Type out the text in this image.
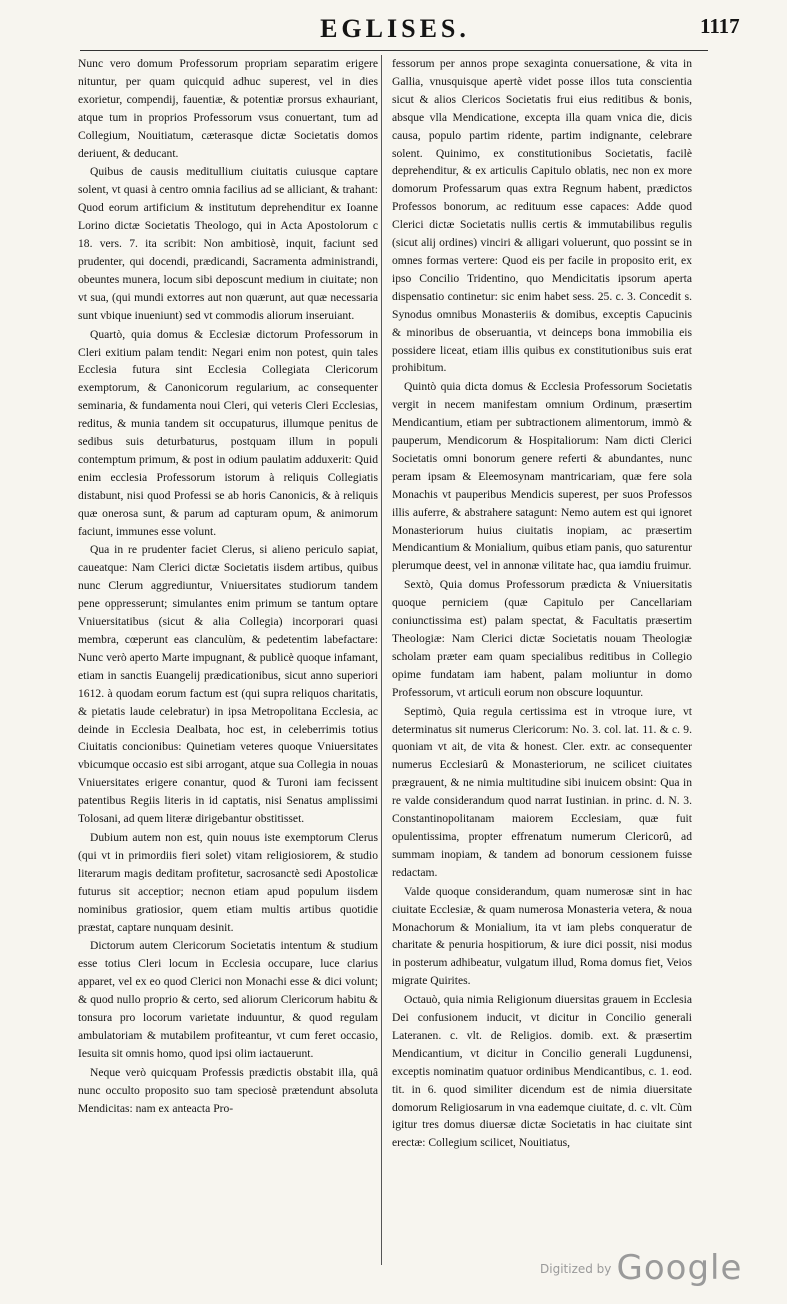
EGLISES.	1117

Nunc vero domum Professorum propriam separatim erigere nituntur, per quam quicquid adhuc superest, vel in dies exorietur, compendij, fauentiæ, & potentiæ prorsus exhauriant, atque tum in proprios Professorum vsus conuertant, tum ad Collegium, Nouitiatum, cæterasque dictæ Societatis domos deriuent, & deducant.

Quibus de causis meditullium ciuitatis cuiusque captare solent, vt quasi à centro omnia facilius ad se alliciant, & trahant: Quod eorum artificium & institutum deprehenditur ex Ioanne Lorino dictæ Societatis Theologo, qui in Acta Apostolorum c 18. vers. 7. ita scribit: Non ambitiosè, inquit, faciunt sed prudenter, qui docendi, prædicandi, Sacramenta administrandi, obeuntes munera, locum sibi deposcunt medium in ciuitate; non vt sua, (qui mundi extorres aut non quærunt, aut quæ necessaria sunt vbique inueniunt) sed vt commodis aliorum inseruiant.

Quartò, quia domus & Ecclesiæ dictorum Professorum in Cleri exitium palam tendit: Negari enim non potest, quin tales Ecclesia futura sint Ecclesia Collegiata Clericorum exemptorum, & Canonicorum regularium, ac consequenter seminaria, & fundamenta noui Cleri, qui veteris Cleri Ecclesias, reditus, & munia tandem sit occupaturus, illumque penitus de sedibus suis deturbaturus, postquam illum in populi contemptum primum, & post in odium paulatim adduxerit: Quid enim ecclesia Professorum istorum à reliquis Collegiatis distabunt, nisi quod Professi se ab horis Canonicis, & à reliquis quæ onerosa sunt, & parum ad capturam opum, & animorum faciunt, immunes esse volunt.

Qua in re prudenter faciet Clerus, si alieno periculo sapiat, caueatque: Nam Clerici dictæ Societatis iisdem artibus, quibus nunc Clerum aggrediuntur, Vniuersitates studiorum tandem pene oppresserunt; simulantes enim primum se tantum optare Vniuersitatibus (sicut & alia Collegia) incorporari quasi membra, cœperunt eas clanculùm, & pedetentim labefactare: Nunc verò aperto Marte impugnant, & publicè quoque infamant, etiam in sanctis Euangelij prædicationibus, sicut anno superiori 1612. à quodam eorum factum est (qui supra reliquos charitatis, & pietatis laude celebratur) in ipsa Metropolitana Ecclesia, ac deinde in Ecclesia Dealbata, hoc est, in celeberrimis totius Ciuitatis concionibus: Quinetiam veteres quoque Vniuersitates vbicumque occasio est sibi arrogant, atque sua Collegia in nouas Vniuersitates erigere conantur, quod & Turoni iam fecissent patentibus Regiis literis in id captatis, nisi Senatus amplissimi Tolosani, ad quem literæ dirigebantur obstitisset.

Dubium autem non est, quin nouus iste exemptorum Clerus (qui vt in primordiis fieri solet) vitam religiosiorem, & studio literarum magis deditam profitetur, sacrosanctè sedi Apostolicæ futurus sit acceptior; necnon etiam apud populum iisdem nominibus gratiosior, quem etiam multis artibus quotidie præstat, captare nunquam desinit.

Dictorum autem Clericorum Societatis intentum & studium esse totius Cleri locum in Ecclesia occupare, luce clarius apparet, vel ex eo quod Clerici non Monachi esse & dici volunt; & quod nullo proprio & certo, sed aliorum Clericorum habitu & tonsura pro locorum varietate induuntur, & quod regulam ambulatoriam & mutabilem profiteantur, vt cum feret occasio, Iesuita sit omnis homo, quod ipsi olim iactauerunt.

Neque verò quicquam Professis prædictis obstabit illa, quâ nunc occulto proposito suo tam speciosè prætendunt absoluta Mendicitas: nam ex anteacta Pro-

fessorum per annos prope sexaginta conuersatione, & vita in Gallia, vnusquisque apertè videt posse illos tuta conscientia sicut & alios Clericos Societatis frui eius reditibus & bonis, absque vlla Mendicatione, excepta illa quam vnica die, dicis causa, populo partim ridente, partim indignante, celebrare solent. Quinimo, ex constitutionibus Societatis, facilè deprehenditur, & ex articulis Capitulo oblatis, nec non ex more domorum Professarum quas extra Regnum habent, prædictos Professos bonorum, ac redituum esse capaces: Adde quod Clerici dictæ Societatis nullis certis & immutabilibus regulis (sicut alij ordines) vinciri & alligari voluerunt, quo possint se in omnes formas vertere: Quod eis per facile in proposito erit, ex ipso Concilio Tridentino, quo Mendicitatis ipsorum aperta dispensatio continetur: sic enim habet sess. 25. c. 3. Concedit s. Synodus omnibus Monasteriis & domibus, exceptis Capucinis & minoribus de obseruantia, vt deinceps bona immobilia eis possidere liceat, etiam illis quibus ex constitutionibus suis erat prohibitum.

Quintò quia dicta domus & Ecclesia Professorum Societatis vergit in necem manifestam omnium Ordinum, præsertim Mendicantium, etiam per subtractionem alimentorum, immò & pauperum, Mendicorum & Hospitaliorum: Nam dicti Clerici Societatis omni bonorum genere referti & abundantes, nunc peram ipsam & Eleemosynam mantricariam, quæ fere sola Monachis vt pauperibus Mendicis superest, per suos Professos illis auferre, & abstrahere satagunt: Nemo autem est qui ignoret Monasteriorum huius ciuitatis inopiam, ac præsertim Mendicantium & Monialium, quibus etiam panis, quo saturentur plerumque deest, vel in annonæ vilitate hac, qua iamdiu fruimur.

Sextò, Quia domus Professorum prædicta & Vniuersitatis quoque perniciem (quæ Capitulo per Cancellariam coniunctissima est) palam spectat, & Facultatis præsertim Theologiæ: Nam Clerici dictæ Societatis nouam Theologiæ scholam præter eam quam specialibus reditibus in Collegio opime fundatam iam habent, palam moliuntur in domo Professorum, vt articuli eorum non obscure loquuntur.

Septimò, Quia regula certissima est in vtroque iure, vt determinatus sit numerus Clericorum: No. 3. col. lat. 11. & c. 9. quoniam vt ait, de vita & honest. Cler. extr. ac consequenter numerus Ecclesiarû & Monasteriorum, ne scilicet ciuitates prægrauent, & ne nimia multitudine sibi inuicem obsint: Qua in re valde considerandum quod narrat Iustinian. in princ. d. N. 3. Constantinopolitanam maiorem Ecclesiam, quæ fuit opulentissima, propter effrenatum numerum Clericorû, ad summam inopiam, & tandem ad bonorum cessionem fuisse redactam.

Valde quoque considerandum, quam numerosæ sint in hac ciuitate Ecclesiæ, & quam numerosa Monasteria vetera, & noua Monachorum & Monialium, ita vt iam plebs conqueratur de charitate & penuria hospitiorum, & iure dici possit, nisi modus in posterum adhibeatur, vulgatum illud, Roma domus fiet, Veios migrate Quirites.

Octauò, quia nimia Religionum diuersitas grauem in Ecclesia Dei confusionem inducit, vt dicitur in Concilio generali Lateranen. c. vlt. de Religios. domib. ext. & præsertim Mendicantium, vt dicitur in Concilio generali Lugdunensi, exceptis nominatim quatuor ordinibus Mendicantibus, c. 1. eod. tit. in 6. quod similiter dicendum est de nimia diuersitate domorum Religiosarum in vna eademque ciuitate, d. c. vlt. Cùm igitur tres domus diuersæ dictæ Societatis in hac ciuitate sint erectæ: Collegium scilicet, Nouitiatus,

$^{Digitized by}$ Google
